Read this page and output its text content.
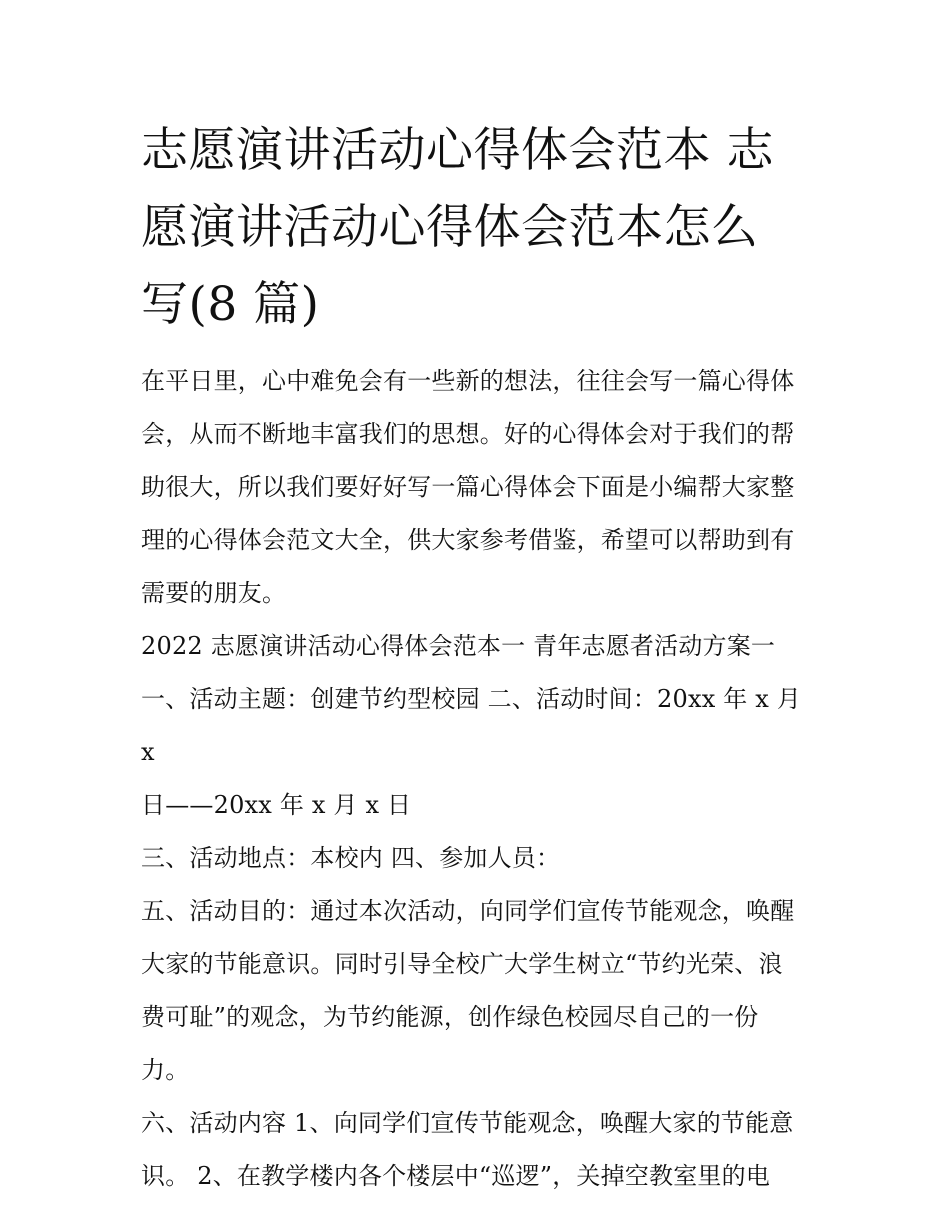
志愿演讲活动心得体会范本 志
愿演讲活动心得体会范本怎么
写(8 篇)
在平日里，心中难免会有一些新的想法，往往会写一篇心得体
会，从而不断地丰富我们的思想。好的心得体会对于我们的帮
助很大，所以我们要好好写一篇心得体会下面是小编帮大家整
理的心得体会范文大全，供大家参考借鉴，希望可以帮助到有
需要的朋友。
2022 志愿演讲活动心得体会范本一 青年志愿者活动方案一
一、活动主题：创建节约型校园 二、活动时间：20xx 年 x 月 x
日——20xx 年 x 月 x 日
三、活动地点：本校内 四、参加人员：
五、活动目的：通过本次活动，向同学们宣传节能观念，唤醒
大家的节能意识。同时引导全校广大学生树立“节约光荣、浪
费可耻”的观念，为节约能源，创作绿色校园尽自己的一份
力。
六、活动内容 1、向同学们宣传节能观念，唤醒大家的节能意
识。 2、在教学楼内各个楼层中“巡逻”，关掉空教室里的电
